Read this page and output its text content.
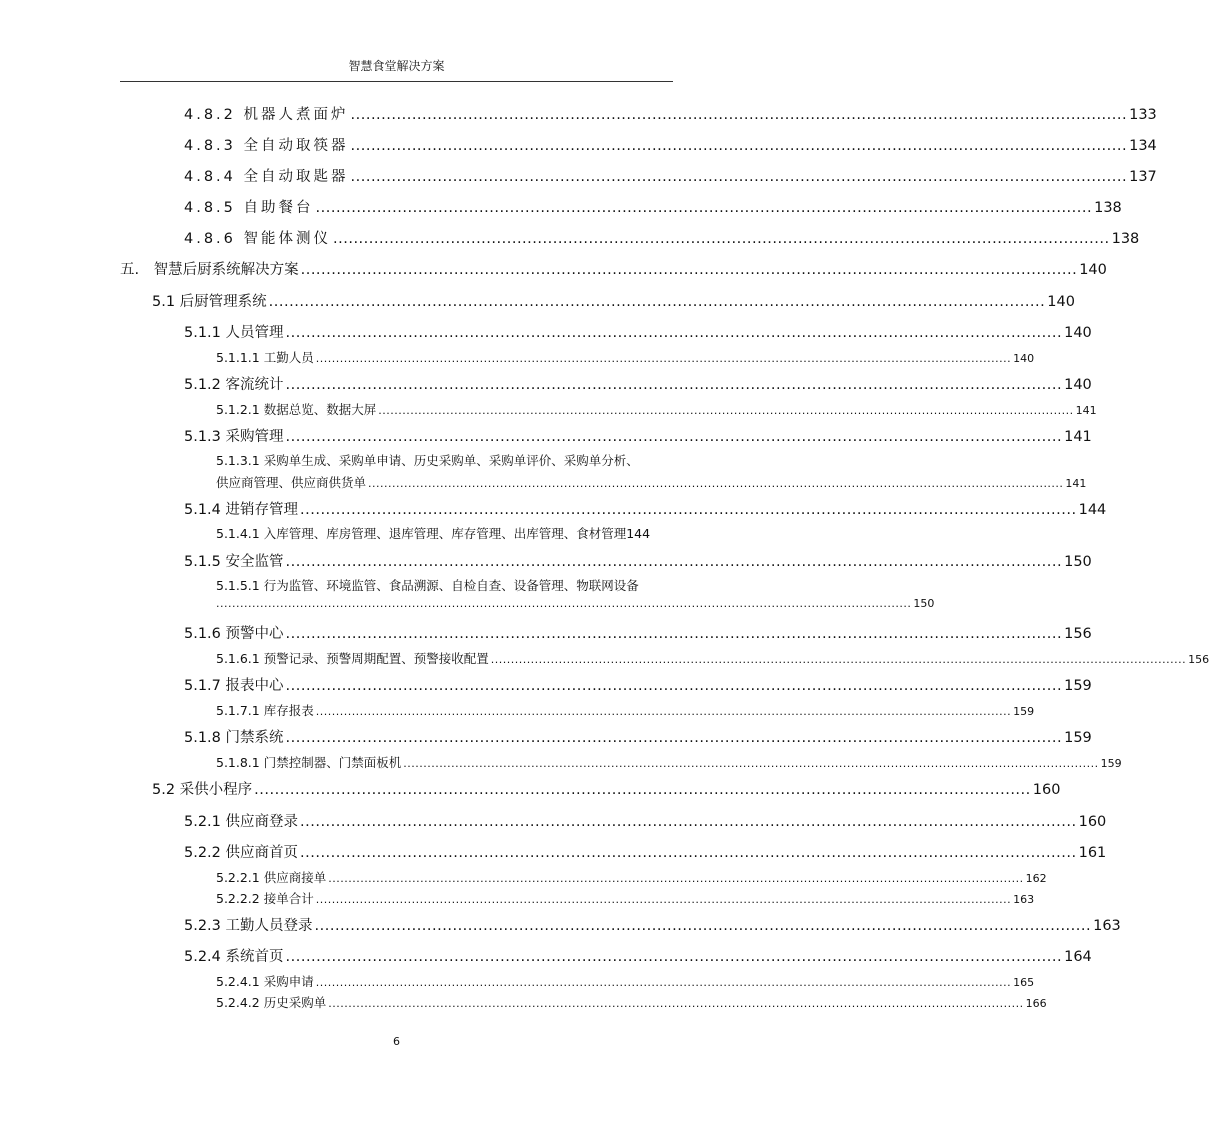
智慧食堂解决方案
4.8.2 机器人煮面炉 ........................................................................................................................................................ 133
4.8.3 全自动取筷器 ........................................................................................................................................................ 134
4.8.4 全自动取匙器 ........................................................................................................................................................ 137
4.8.5 自助餐台 ........................................................................................................................................................ 138
4.8.6 智能体测仪 ........................................................................................................................................................ 138
五.　智慧后厨系统解决方案 ........................................................................................................................................................ 140
5.1 后厨管理系统 ........................................................................................................................................................ 140
5.1.1 人员管理 ........................................................................................................................................................ 140
5.1.1.1 工勤人员 .............................................................................................................................................................................. 140
5.1.2 客流统计 ........................................................................................................................................................ 140
5.1.2.1 数据总览、数据大屏 .............................................................................................................................................................................. 141
5.1.3 采购管理 ........................................................................................................................................................ 141
5.1.3.1 采购单生成、采购单申请、历史采购单、采购单评价、采购单分析、
供应商管理、供应商供货单 .............................................................................................................................................................................. 141
5.1.4 进销存管理 ........................................................................................................................................................ 144
5.1.4.1 入库管理、库房管理、退库管理、库存管理、出库管理、食材管理 144
5.1.5 安全监管 ........................................................................................................................................................ 150
5.1.5.1 行为监管、环境监管、食品溯源、自检自查、设备管理、物联网设备
.............................................................................................................................................................................. 150
5.1.6 预警中心 ........................................................................................................................................................ 156
5.1.6.1 预警记录、预警周期配置、预警接收配置 .............................................................................................................................................................................. 156
5.1.7 报表中心 ........................................................................................................................................................ 159
5.1.7.1 库存报表 .............................................................................................................................................................................. 159
5.1.8 门禁系统 ........................................................................................................................................................ 159
5.1.8.1 门禁控制器、门禁面板机 .............................................................................................................................................................................. 159
5.2 采供小程序 ........................................................................................................................................................ 160
5.2.1 供应商登录 ........................................................................................................................................................ 160
5.2.2 供应商首页 ........................................................................................................................................................ 161
5.2.2.1 供应商接单 .............................................................................................................................................................................. 162
5.2.2.2 接单合计 .............................................................................................................................................................................. 163
5.2.3 工勤人员登录 ........................................................................................................................................................ 163
5.2.4 系统首页 ........................................................................................................................................................ 164
5.2.4.1 采购申请 .............................................................................................................................................................................. 165
5.2.4.2 历史采购单 .............................................................................................................................................................................. 166
6
